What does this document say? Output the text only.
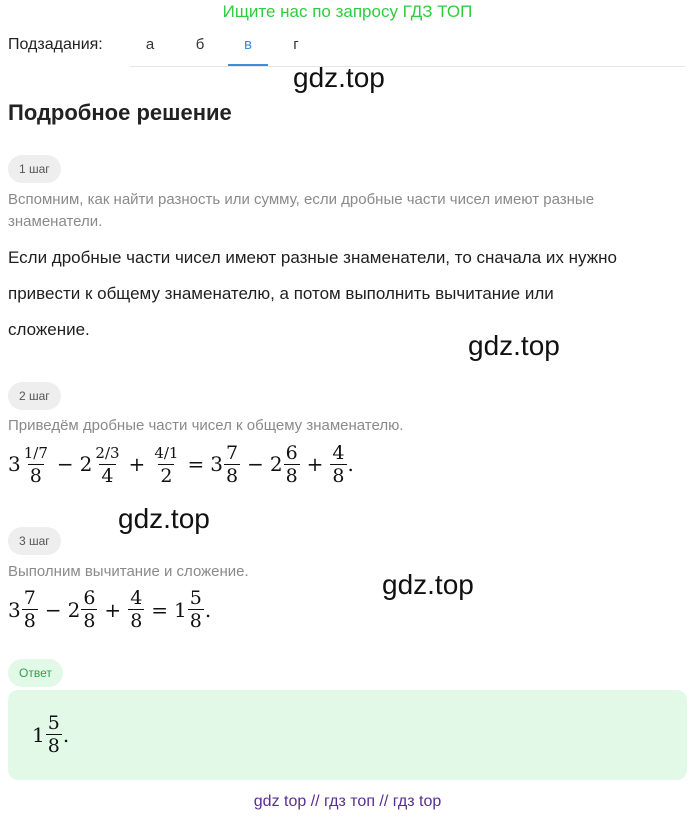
Ищите нас по запросу ГДЗ ТОП
Подзадания:	а	б	в	г
gdz.top
Подробное решение
1 шаг
Вспомним, как найти разность или сумму, если дробные части чисел имеют разные знаменатели.
Если дробные части чисел имеют разные знаменатели, то сначала их нужно
привести к общему знаменателю, а потом выполнить вычитание или
сложение.
gdz.top
2 шаг
Приведём дробные части чисел к общему знаменателю.
$3 \frac{1/7}{8} - 2 \frac{2/3}{4} + \frac{4/1}{2} = 3 \frac{7}{8} - 2 \frac{6}{8} + \frac{4}{8}$ .
gdz.top
3 шаг
Выполним вычитание и сложение.	gdz.top
$3 \frac{7}{8} - 2 \frac{6}{8} + \frac{4}{8} = 1 \frac{5}{8}$ .
Ответ
$1 \frac{5}{8}$ .
gdz top // гдз топ // гдз top
